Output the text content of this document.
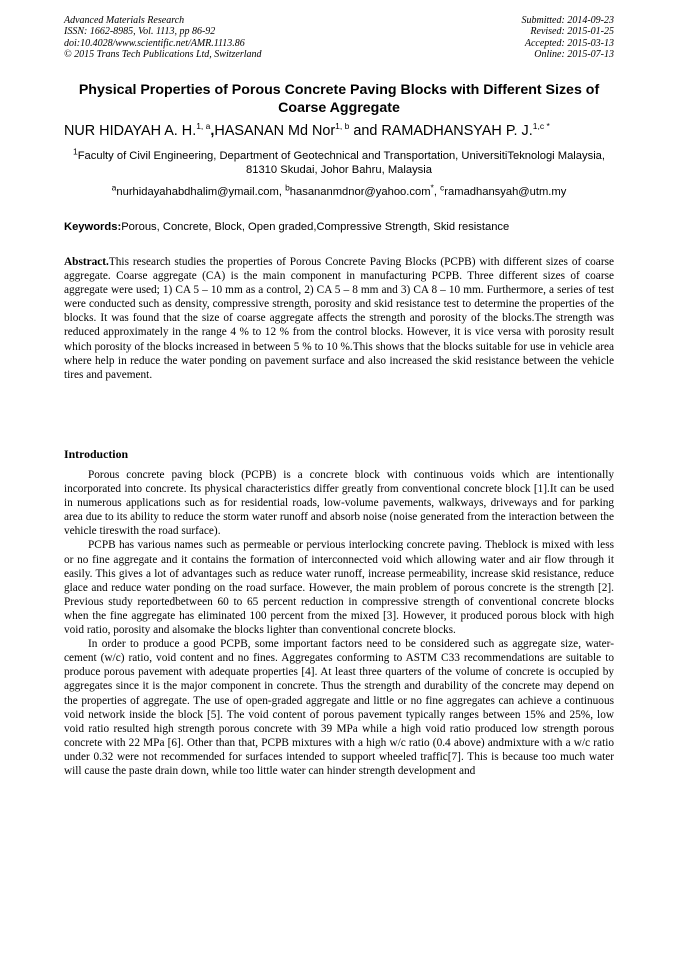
Advanced Materials Research
ISSN: 1662-8985, Vol. 1113, pp 86-92
doi:10.4028/www.scientific.net/AMR.1113.86
© 2015 Trans Tech Publications Ltd, Switzerland
Submitted: 2014-09-23
Revised: 2015-01-25
Accepted: 2015-03-13
Online: 2015-07-13
Physical Properties of Porous Concrete Paving Blocks with Different Sizes of Coarse Aggregate
NUR HIDAYAH A. H.$^{1, a}$,HASANAN Md Nor$^{1, b}$ and RAMADHANSYAH P. J.$^{1,c *}$
$^1$Faculty of Civil Engineering, Department of Geotechnical and Transportation, UniversitiTeknologi Malaysia, 81310 Skudai, Johor Bahru, Malaysia
$^a$nurhidayahabdhalim@ymail.com, $^b$hasananmdnor@yahoo.com*, $^c$ramadhansyah@utm.my
Keywords:Porous, Concrete, Block, Open graded,Compressive Strength, Skid resistance
Abstract.This research studies the properties of Porous Concrete Paving Blocks (PCPB) with different sizes of coarse aggregate. Coarse aggregate (CA) is the main component in manufacturing PCPB. Three different sizes of coarse aggregate were used; 1) CA 5 – 10 mm as a control, 2) CA 5 – 8 mm and 3) CA 8 – 10 mm. Furthermore, a series of test were conducted such as density, compressive strength, porosity and skid resistance test to determine the properties of the blocks. It was found that the size of coarse aggregate affects the strength and porosity of the blocks.The strength was reduced approximately in the range 4 % to 12 % from the control blocks. However, it is vice versa with porosity result which porosity of the blocks increased in between 5 % to 10 %.This shows that the blocks suitable for use in vehicle area where help in reduce the water ponding on pavement surface and also increased the skid resistance between the vehicle tires and pavement.
Introduction

Porous concrete paving block (PCPB) is a concrete block with continuous voids which are intentionally incorporated into concrete. Its physical characteristics differ greatly from conventional concrete block [1].It can be used in numerous applications such as for residential roads, low-volume pavements, walkways, driveways and for parking area due to its ability to reduce the storm water runoff and absorb noise (noise generated from the interaction between the vehicle tireswith the road surface).

PCPB has various names such as permeable or pervious interlocking concrete paving. Theblock is mixed with less or no fine aggregate and it contains the formation of interconnected void which allowing water and air flow through it easily. This gives a lot of advantages such as reduce water runoff, increase permeability, increase skid resistance, reduce glace and reduce water ponding on the road surface. However, the main problem of porous concrete is the strength [2]. Previous study reportedbetween 60 to 65 percent reduction in compressive strength of conventional concrete blocks when the fine aggregate has eliminated 100 percent from the mixed [3]. However, it produced porous block with high void ratio, porosity and alsomake the blocks lighter than conventional concrete blocks.

In order to produce a good PCPB, some important factors need to be considered such as aggregate size, water-cement (w/c) ratio, void content and no fines. Aggregates conforming to ASTM C33 recommendations are suitable to produce porous pavement with adequate properties [4]. At least three quarters of the volume of concrete is occupied by aggregates since it is the major component in concrete. Thus the strength and durability of the concrete may depend on the properties of aggregate. The use of open-graded aggregate and little or no fine aggregates can achieve a continuous void network inside the block [5]. The void content of porous pavement typically ranges between 15% and 25%, low void ratio resulted high strength porous concrete with 39 MPa while a high void ratio produced low strength porous concrete with 22 MPa [6]. Other than that, PCPB mixtures with a high w/c ratio (0.4 above) andmixture with a w/c ratio under 0.32 were not recommended for surfaces intended to support wheeled traffic[7]. This is because too much water will cause the paste drain down, while too little water can hinder strength development and
